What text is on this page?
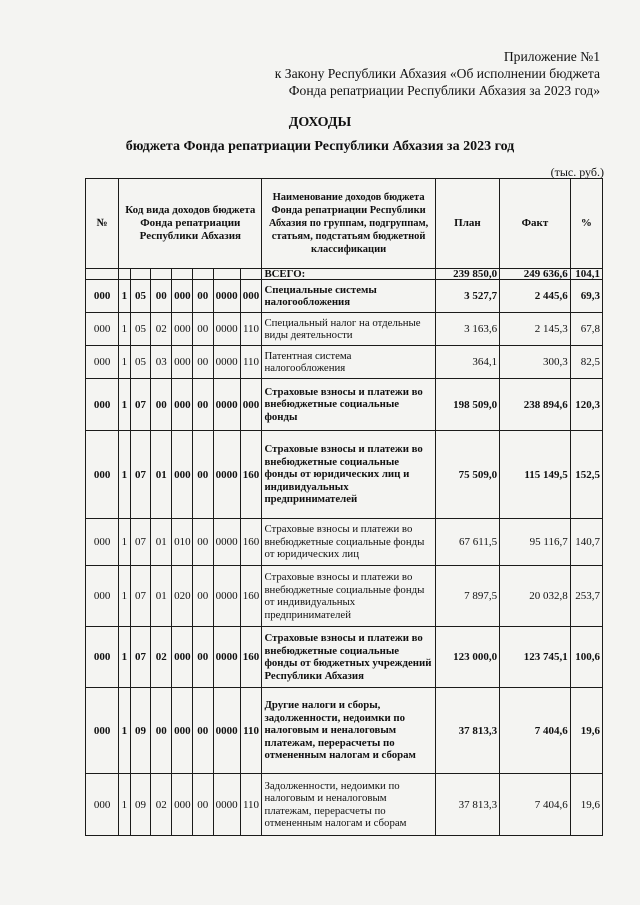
Приложение №1
к Закону Республики Абхазия «Об исполнении бюджета
Фонда репатриации Республики Абхазия за 2023 год»
ДОХОДЫ
бюджета Фонда репатриации Республики Абхазия за 2023 год
(тыс. руб.)
№	Код вида доходов бюджета Фонда репатриации Республики Абхазия							Наименование доходов бюджета Фонда репатриации Республики Абхазия по группам, подгруппам, статьям, подстатьям бюджетной классификации	План	Факт	%
								ВСЕГО:	239 850,0	249 636,6	104,1
000	1	05	00	000	00	0000	000	Специальные системы налогообложения	3 527,7	2 445,6	69,3
000	1	05	02	000	00	0000	110	Специальный налог на отдельные виды деятельности	3 163,6	2 145,3	67,8
000	1	05	03	000	00	0000	110	Патентная система налогообложения	364,1	300,3	82,5
000	1	07	00	000	00	0000	000	Страховые взносы и платежи во внебюджетные социальные фонды	198 509,0	238 894,6	120,3
000	1	07	01	000	00	0000	160	Страховые взносы и платежи во внебюджетные социальные фонды от юридических лиц и индивидуальных предпринимателей	75 509,0	115 149,5	152,5
000	1	07	01	010	00	0000	160	Страховые взносы и платежи во внебюджетные социальные фонды от юридических лиц	67 611,5	95 116,7	140,7
000	1	07	01	020	00	0000	160	Страховые взносы и платежи во внебюджетные социальные фонды от индивидуальных предпринимателей	7 897,5	20 032,8	253,7
000	1	07	02	000	00	0000	160	Страховые взносы и платежи во внебюджетные социальные фонды от бюджетных учреждений Республики Абхазия	123 000,0	123 745,1	100,6
000	1	09	00	000	00	0000	110	Другие налоги и сборы, задолженности, недоимки по налоговым и неналоговым платежам, перерасчеты по отмененным налогам и сборам	37 813,3	7 404,6	19,6
000	1	09	02	000	00	0000	110	Задолженности, недоимки по налоговым и неналоговым платежам, перерасчеты по отмененным налогам и сборам	37 813,3	7 404,6	19,6
